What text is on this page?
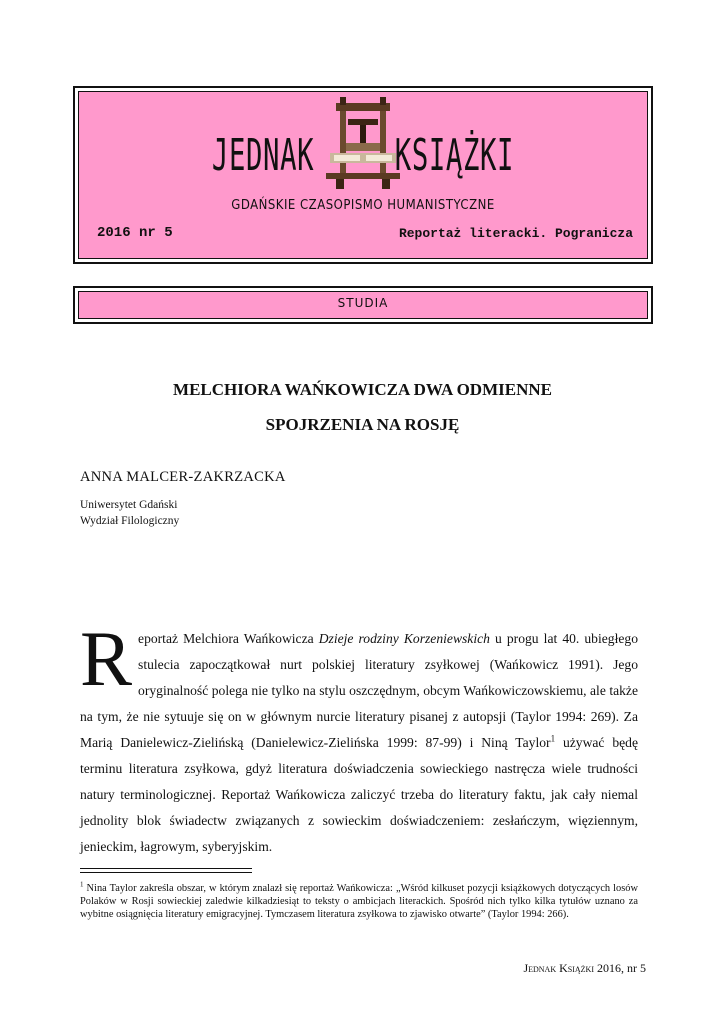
JEDNAK KSIĄŻKI
GDAŃSKIE CZASOPISMO HUMANISTYCZNE
2016 nr 5	Reportaż literacki. Pogranicza
STUDIA
MELCHIORA WAŃKOWICZA DWA ODMIENNE
SPOJRZENIA NA ROSJĘ
ANNA MALCER-ZAKRZACKA
Uniwersytet Gdański
Wydział Filologiczny
Reportaż Melchiora Wańkowicza Dzieje rodziny Korzeniewskich u progu lat 40. ubiegłego stulecia zapoczątkował nurt polskiej literatury zsyłkowej (Wańkowicz 1991). Jego oryginalność polega nie tylko na stylu oszczędnym, obcym Wańkowiczowskiemu, ale także na tym, że nie sytuuje się on w głównym nurcie literatury pisanej z autopsji (Taylor 1994: 269). Za Marią Danielewicz-Zielińską (Danielewicz-Zielińska 1999: 87-99) i Niną Taylor$^1$ używać będę terminu literatura zsyłkowa, gdyż literatura doświadczenia sowieckiego nastręcza wiele trudności natury terminologicznej. Reportaż Wańkowicza zaliczyć trzeba do literatury faktu, jak cały niemal jednolity blok świadectw związanych z sowieckim doświadczeniem: zesłańczym, więziennym, jenieckim, łagrowym, syberyjskim.
$^1$ Nina Taylor zakreśla obszar, w którym znalazł się reportaż Wańkowicza: „Wśród kilkuset pozycji książkowych dotyczących losów Polaków w Rosji sowieckiej zaledwie kilkadziesiąt to teksty o ambicjach literackich. Spośród nich tylko kilka tytułów uznano za wybitne osiągnięcia literatury emigracyjnej. Tymczasem literatura zsyłkowa to zjawisko otwarte” (Taylor 1994: 266).
Jednak Książki 2016, nr 5
